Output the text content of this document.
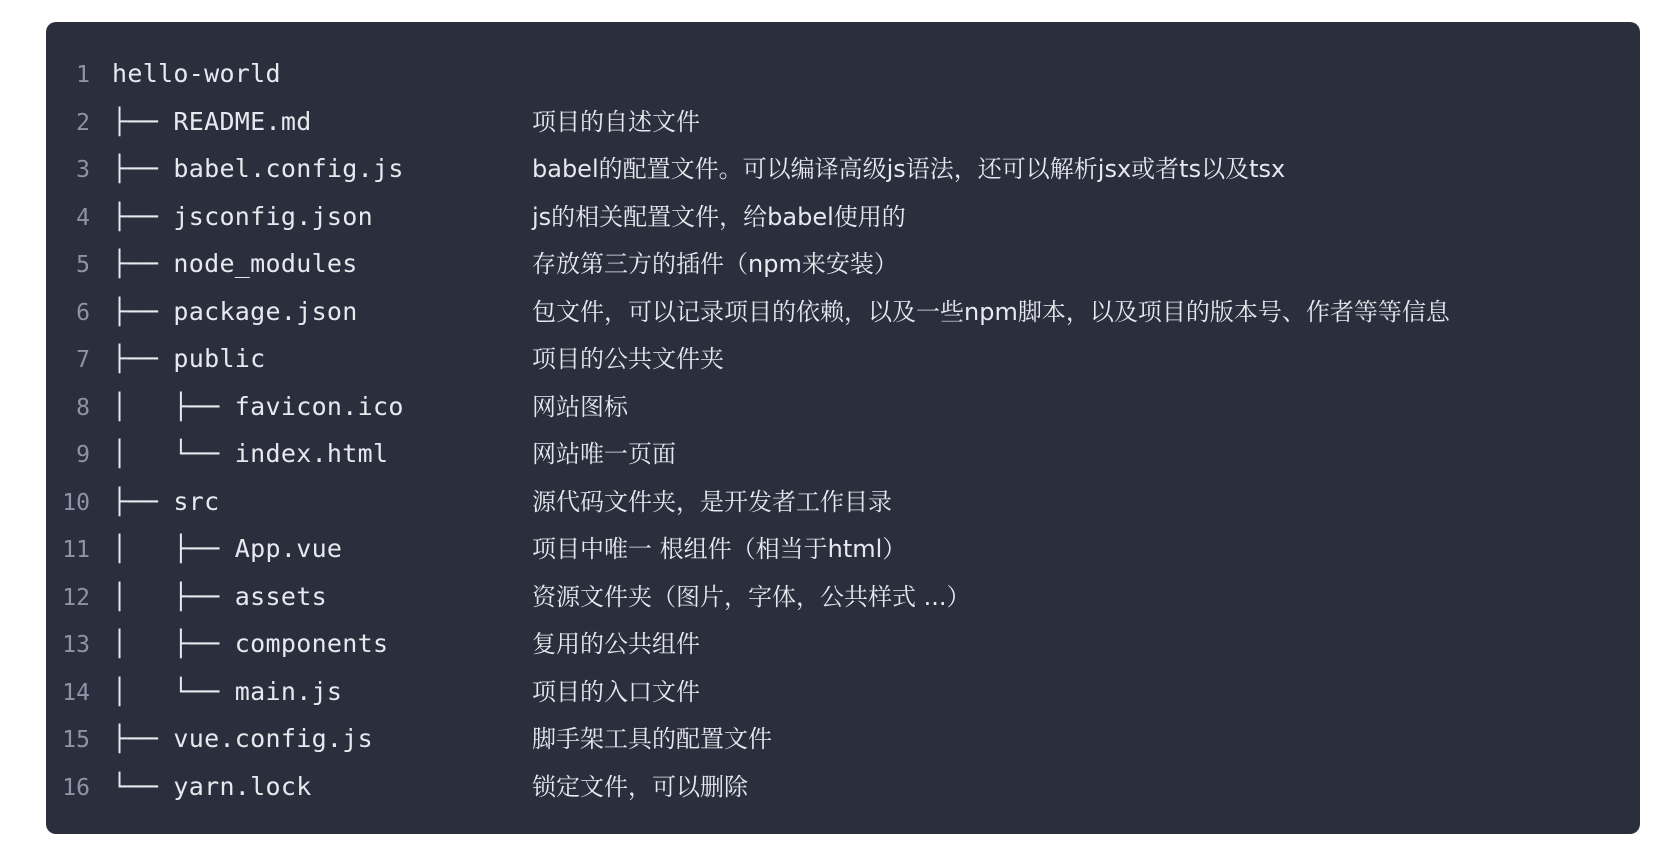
1 hello-world
2 ├── README.md	项目的自述文件
3 ├── babel.config.js	babel的配置文件。可以编译高级js语法，还可以解析jsx或者ts以及tsx
4 ├── jsconfig.json	js的相关配置文件，给babel使用的
5 ├── node_modules	存放第三方的插件（npm来安装）
6 ├── package.json	包文件，可以记录项目的依赖，以及一些npm脚本，以及项目的版本号、作者等等信息
7 ├── public	项目的公共文件夹
8 │   ├── favicon.ico	网站图标
9 │   └── index.html	网站唯一页面
10 ├── src	源代码文件夹，是开发者工作目录
11 │   ├── App.vue	项目中唯一 根组件（相当于html）
12 │   ├── assets	资源文件夹（图片，字体，公共样式 ...）
13 │   ├── components	复用的公共组件
14 │   └── main.js	项目的入口文件
15 ├── vue.config.js	脚手架工具的配置文件
16 └── yarn.lock	锁定文件，可以删除
